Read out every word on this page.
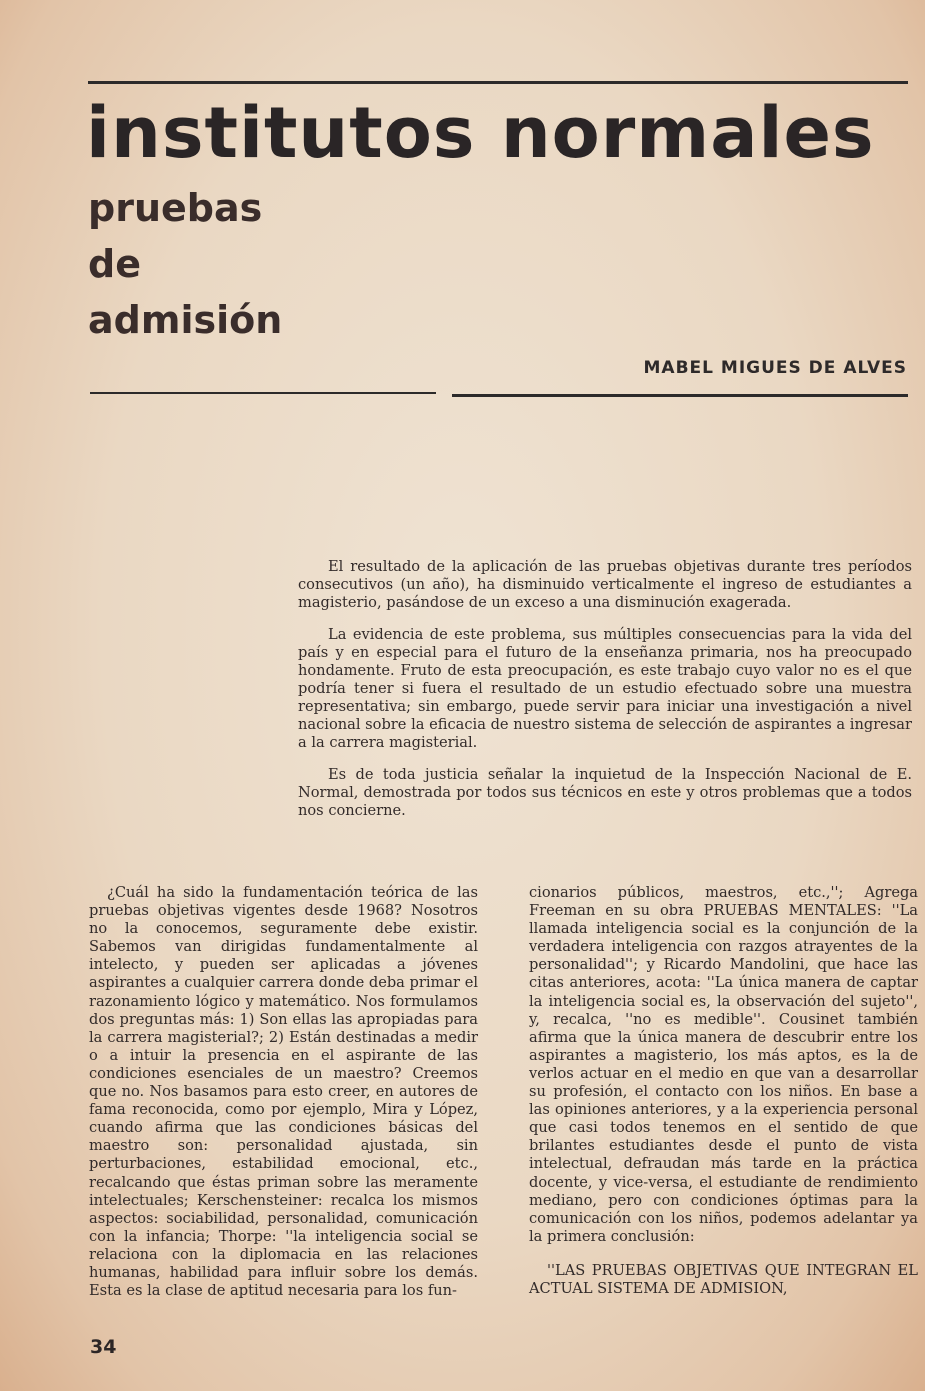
institutos normales
pruebas
de
admisión
MABEL MIGUES DE ALVES

El resultado de la aplicación de las pruebas objetivas durante tres períodos consecutivos (un año), ha disminuido verticalmente el ingreso de estudiantes a magisterio, pasándose de un exceso a una disminución exagerada.

La evidencia de este problema, sus múltiples consecuencias para la vida del país y en especial para el futuro de la enseñanza primaria, nos ha preocupado hondamente. Fruto de esta preocupación, es este trabajo cuyo valor no es el que podría tener si fuera el resultado de un estudio efectuado sobre una muestra representativa; sin embargo, puede servir para iniciar una investigación a nivel nacional sobre la eficacia de nuestro sistema de selección de aspirantes a ingresar a la carrera magisterial.

Es de toda justicia señalar la inquietud de la Inspección Nacional de E. Normal, demostrada por todos sus técnicos en este y otros problemas que a todos nos concierne.

¿Cuál ha sido la fundamentación teórica de las pruebas objetivas vigentes desde 1968? Nosotros no la conocemos, seguramente debe existir. Sabemos van dirigidas fundamentalmente al intelecto, y pueden ser aplicadas a jóvenes aspirantes a cualquier carrera donde deba primar el razonamiento lógico y matemático. Nos formulamos dos preguntas más: 1) Son ellas las apropiadas para la carrera magisterial?; 2) Están destinadas a medir o a intuir la presencia en el aspirante de las condiciones esenciales de un maestro? Creemos que no. Nos basamos para esto creer, en autores de fama reconocida, como por ejemplo, Mira y López, cuando afirma que las condiciones básicas del maestro son: personalidad ajustada, sin perturbaciones, estabilidad emocional, etc., recalcando que éstas priman sobre las meramente intelectuales; Kerschensteiner: recalca los mismos aspectos: sociabilidad, personalidad, comunicación con la infancia; Thorpe: ''la inteligencia social se relaciona con la diplomacia en las relaciones humanas, habilidad para influir sobre los demás. Esta es la clase de aptitud necesaria para los fun-

cionarios públicos, maestros, etc.,''; Agrega Freeman en su obra PRUEBAS MENTALES: ''La llamada inteligencia social es la conjunción de la verdadera inteligencia con razgos atrayentes de la personalidad''; y Ricardo Mandolini, que hace las citas anteriores, acota: ''La única manera de captar la inteligencia social es, la observación del sujeto'', y, recalca, ''no es medible''. Cousinet también afirma que la única manera de descubrir entre los aspirantes a magisterio, los más aptos, es la de verlos actuar en el medio en que van a desarrollar su profesión, el contacto con los niños. En base a las opiniones anteriores, y a la experiencia personal que casi todos tenemos en el sentido de que brilantes estudiantes desde el punto de vista intelectual, defraudan más tarde en la práctica docente, y vice-versa, el estudiante de rendimiento mediano, pero con condiciones óptimas para la comunicación con los niños, podemos adelantar ya la primera conclusión:

''LAS PRUEBAS OBJETIVAS QUE INTEGRAN EL ACTUAL SISTEMA DE ADMISION,

34
